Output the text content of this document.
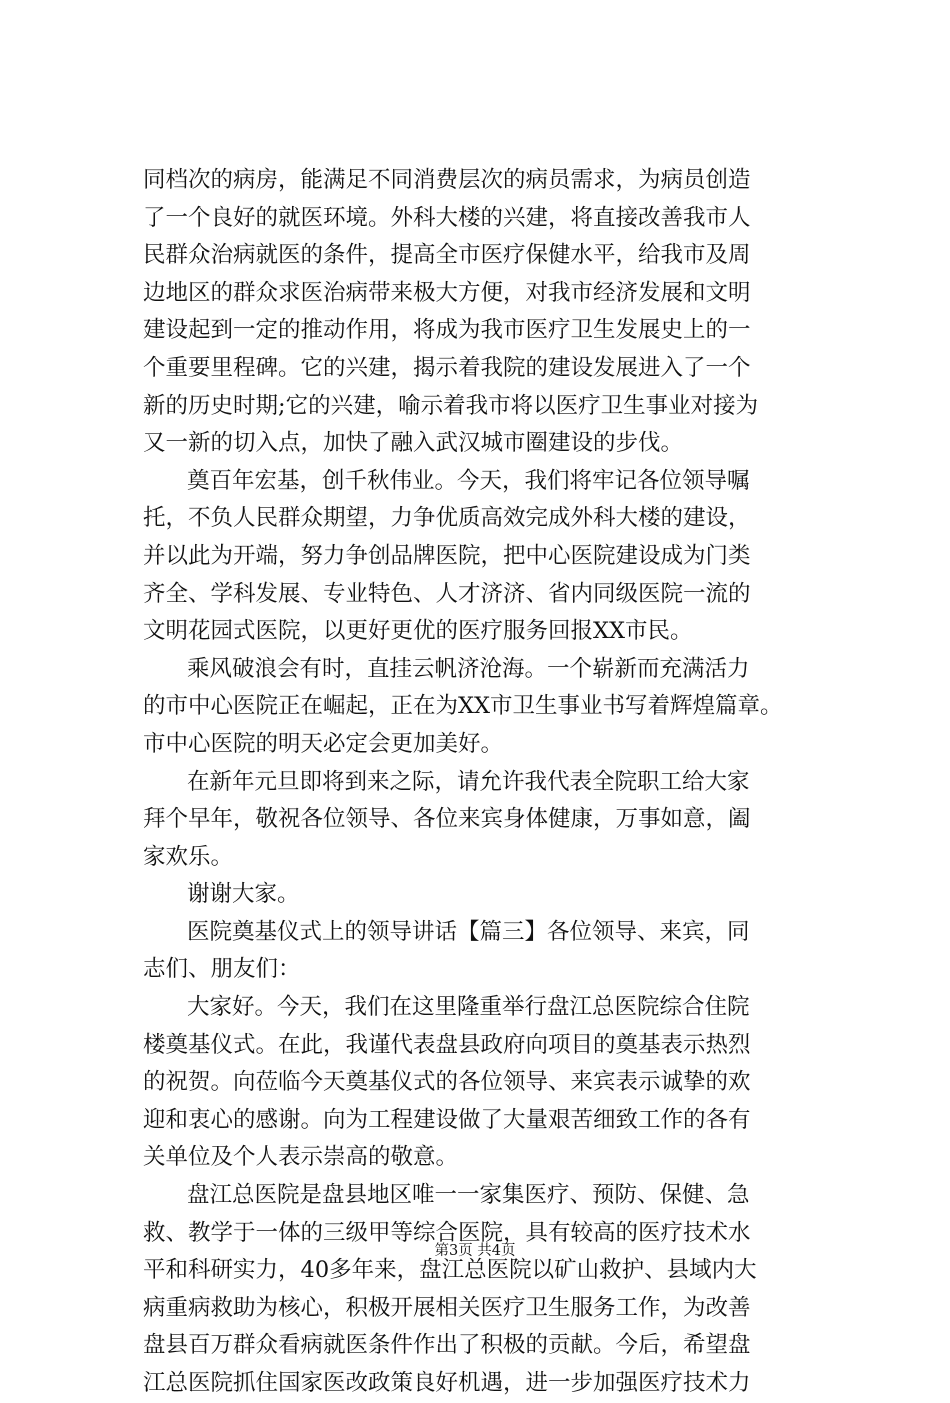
同档次的病房，能满足不同消费层次的病员需求，为病员创造
了一个良好的就医环境。外科大楼的兴建，将直接改善我市人
民群众治病就医的条件，提高全市医疗保健水平，给我市及周
边地区的群众求医治病带来极大方便，对我市经济发展和文明
建设起到一定的推动作用，将成为我市医疗卫生发展史上的一
个重要里程碑。它的兴建，揭示着我院的建设发展进入了一个
新的历史时期;它的兴建，喻示着我市将以医疗卫生事业对接为
又一新的切入点，加快了融入武汉城市圈建设的步伐。
奠百年宏基，创千秋伟业。今天，我们将牢记各位领导嘱
托，不负人民群众期望，力争优质高效完成外科大楼的建设，
并以此为开端，努力争创品牌医院，把中心医院建设成为门类
齐全、学科发展、专业特色、人才济济、省内同级医院一流的
文明花园式医院，以更好更优的医疗服务回报XX市民。
乘风破浪会有时，直挂云帆济沧海。一个崭新而充满活力
的市中心医院正在崛起，正在为XX市卫生事业书写着辉煌篇章。
市中心医院的明天必定会更加美好。
在新年元旦即将到来之际，请允许我代表全院职工给大家
拜个早年，敬祝各位领导、各位来宾身体健康，万事如意，阖
家欢乐。
谢谢大家。
医院奠基仪式上的领导讲话【篇三】各位领导、来宾，同
志们、朋友们：
大家好。今天，我们在这里隆重举行盘江总医院综合住院
楼奠基仪式。在此，我谨代表盘县政府向项目的奠基表示热烈
的祝贺。向莅临今天奠基仪式的各位领导、来宾表示诚挚的欢
迎和衷心的感谢。向为工程建设做了大量艰苦细致工作的各有
关单位及个人表示崇高的敬意。
盘江总医院是盘县地区唯一一家集医疗、预防、保健、急
救、教学于一体的三级甲等综合医院，具有较高的医疗技术水
平和科研实力，40多年来，盘江总医院以矿山救护、县域内大
病重病救助为核心，积极开展相关医疗卫生服务工作，为改善
盘县百万群众看病就医条件作出了积极的贡献。今后，希望盘
江总医院抓住国家医改政策良好机遇，进一步加强医疗技术力
第3页 共4页
